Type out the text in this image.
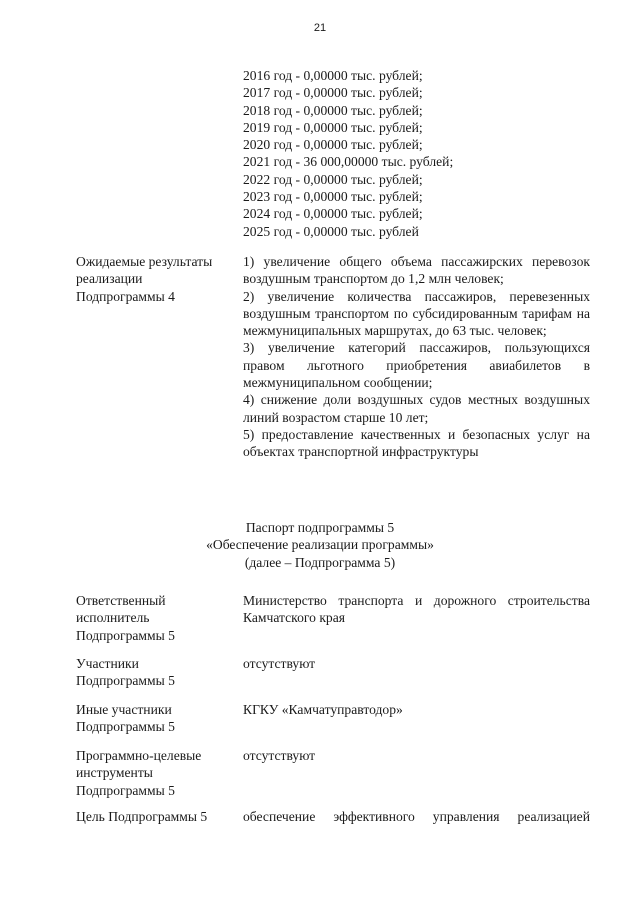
21
2016 год - 0,00000 тыс. рублей;
2017 год - 0,00000 тыс. рублей;
2018 год - 0,00000 тыс. рублей;
2019 год - 0,00000 тыс. рублей;
2020 год - 0,00000 тыс. рублей;
2021 год - 36 000,00000 тыс. рублей;
2022 год - 0,00000 тыс. рублей;
2023 год - 0,00000 тыс. рублей;
2024 год - 0,00000 тыс. рублей;
2025 год - 0,00000 тыс. рублей
Ожидаемые результаты
реализации
Подпрограммы 4
1) увеличение общего объема пассажирских перевозок воздушным транспортом до 1,2 млн человек;
2) увеличение количества пассажиров, перевезенных воздушным транспортом по субсидированным тарифам на межмуниципальных маршрутах, до 63 тыс. человек;
3) увеличение категорий пассажиров, пользующихся правом льготного приобретения авиабилетов в межмуниципальном сообщении;
4) снижение доли воздушных судов местных воздушных линий возрастом старше 10 лет;
5) предоставление качественных и безопасных услуг на объектах транспортной инфраструктуры
Паспорт подпрограммы 5
«Обеспечение реализации программы»
(далее – Подпрограмма 5)
Ответственный
исполнитель
Подпрограммы 5
Министерство транспорта и дорожного строительства Камчатского края
Участники
Подпрограммы 5
отсутствуют
Иные участники
Подпрограммы 5
КГКУ «Камчатуправтодор»
Программно-целевые
инструменты
Подпрограммы 5
отсутствуют
Цель Подпрограммы 5	обеспечение эффективного управления реализацией
